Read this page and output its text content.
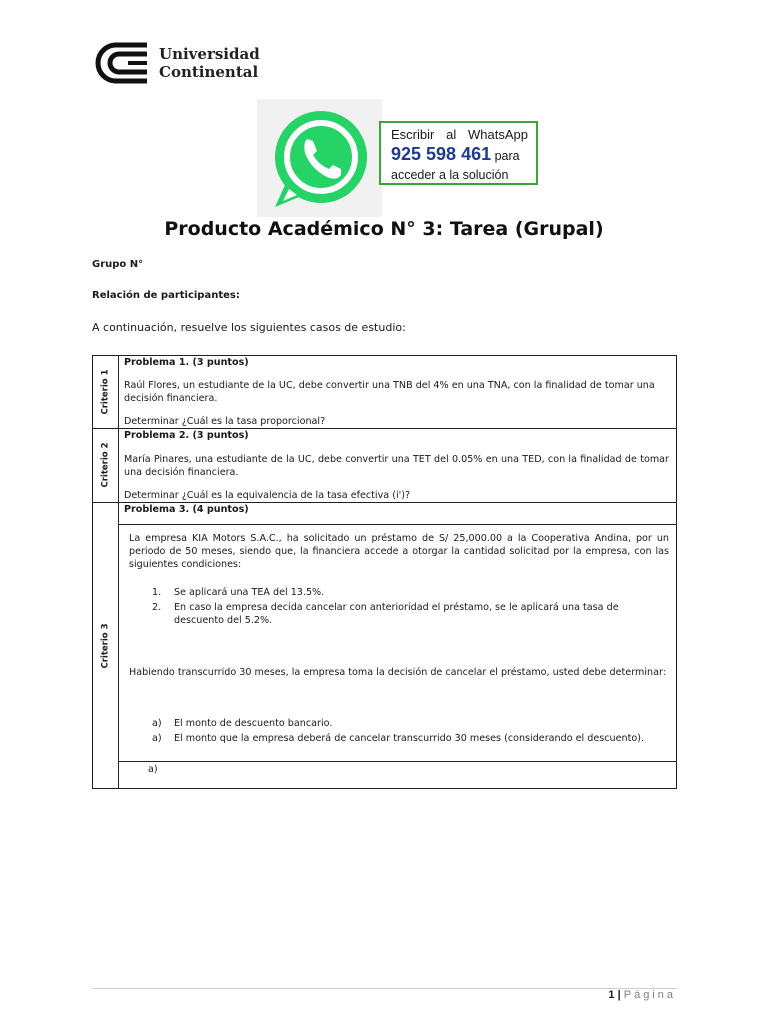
Universidad
Continental
Escribir al WhatsApp
925 598 461 para
acceder a la solución
Producto Académico N° 3: Tarea (Grupal)
Grupo N°
Relación de participantes:
A continuación, resuelve los siguientes casos de estudio:
Criterio 1
Criterio 2
Criterio 3
Problema 1. (3 puntos)
Raúl Flores, un estudiante de la UC, debe convertir una TNB del 4% en una TNA, con la finalidad de tomar una decisión financiera.
Determinar ¿Cuál es la tasa proporcional?
Problema 2. (3 puntos)
María Pinares, una estudiante de la UC, debe convertir una TET del 0.05% en una TED, con la finalidad de tomar una decisión financiera.
Determinar ¿Cuál es la equivalencia de la tasa efectiva (i')?
Problema 3. (4 puntos)
La empresa KIA Motors S.A.C., ha solicitado un préstamo de S/ 25,000.00 a la Cooperativa Andina, por un periodo de 50 meses, siendo que, la financiera accede a otorgar la cantidad solicitad por la empresa, con las siguientes condiciones:
1. Se aplicará una TEA del 13.5%.
2. En caso la empresa decida cancelar con anterioridad el préstamo, se le aplicará una tasa de descuento del 5.2%.
Habiendo transcurrido 30 meses, la empresa toma la decisión de cancelar el préstamo, usted debe determinar:
a) El monto de descuento bancario.
a) El monto que la empresa deberá de cancelar transcurrido 30 meses (considerando el descuento).
a)
1 | Página
